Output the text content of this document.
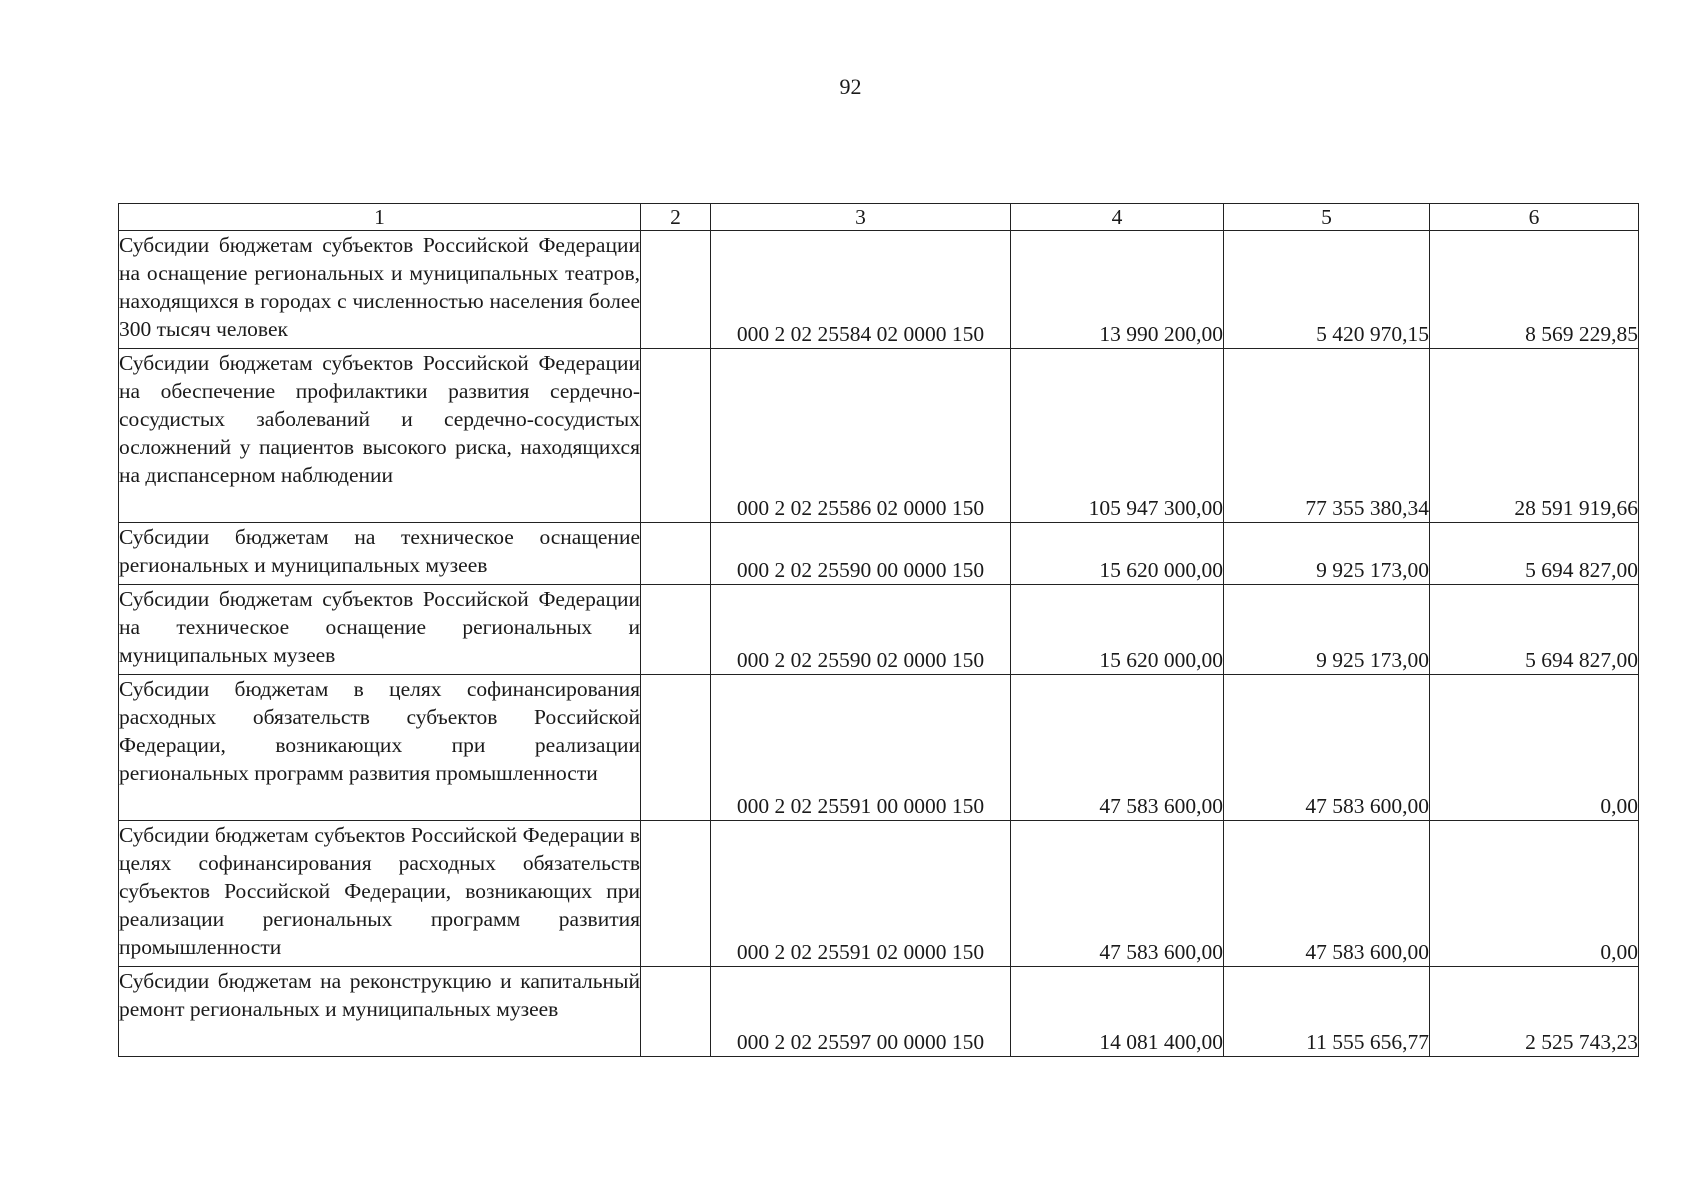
92
1	2	3	4	5	6
Субсидии бюджетам субъектов Российской Федерации на оснащение региональных и муниципальных театров, находящихся в городах с численностью населения более 300 тысяч человек		000 2 02 25584 02 0000 150	13 990 200,00	5 420 970,15	8 569 229,85
Субсидии бюджетам субъектов Российской Федерации на обеспечение профилактики развития сердечно-сосудистых заболеваний и сердечно-сосудистых осложнений у пациентов высокого риска, находящихся на диспансерном наблюдении		000 2 02 25586 02 0000 150	105 947 300,00	77 355 380,34	28 591 919,66
Субсидии бюджетам на техническое оснащение региональных и муниципальных музеев		000 2 02 25590 00 0000 150	15 620 000,00	9 925 173,00	5 694 827,00
Субсидии бюджетам субъектов Российской Федерации на техническое оснащение региональных и муниципальных музеев		000 2 02 25590 02 0000 150	15 620 000,00	9 925 173,00	5 694 827,00
Субсидии бюджетам в целях софинансирования расходных обязательств субъектов Российской Федерации, возникающих при реализации региональных программ развития промышленности		000 2 02 25591 00 0000 150	47 583 600,00	47 583 600,00	0,00
Субсидии бюджетам субъектов Российской Федерации в целях софинансирования расходных обязательств субъектов Российской Федерации, возникающих при реализации региональных программ развития промышленности		000 2 02 25591 02 0000 150	47 583 600,00	47 583 600,00	0,00
Субсидии бюджетам на реконструкцию и капитальный ремонт региональных и муниципальных музеев		000 2 02 25597 00 0000 150	14 081 400,00	11 555 656,77	2 525 743,23
